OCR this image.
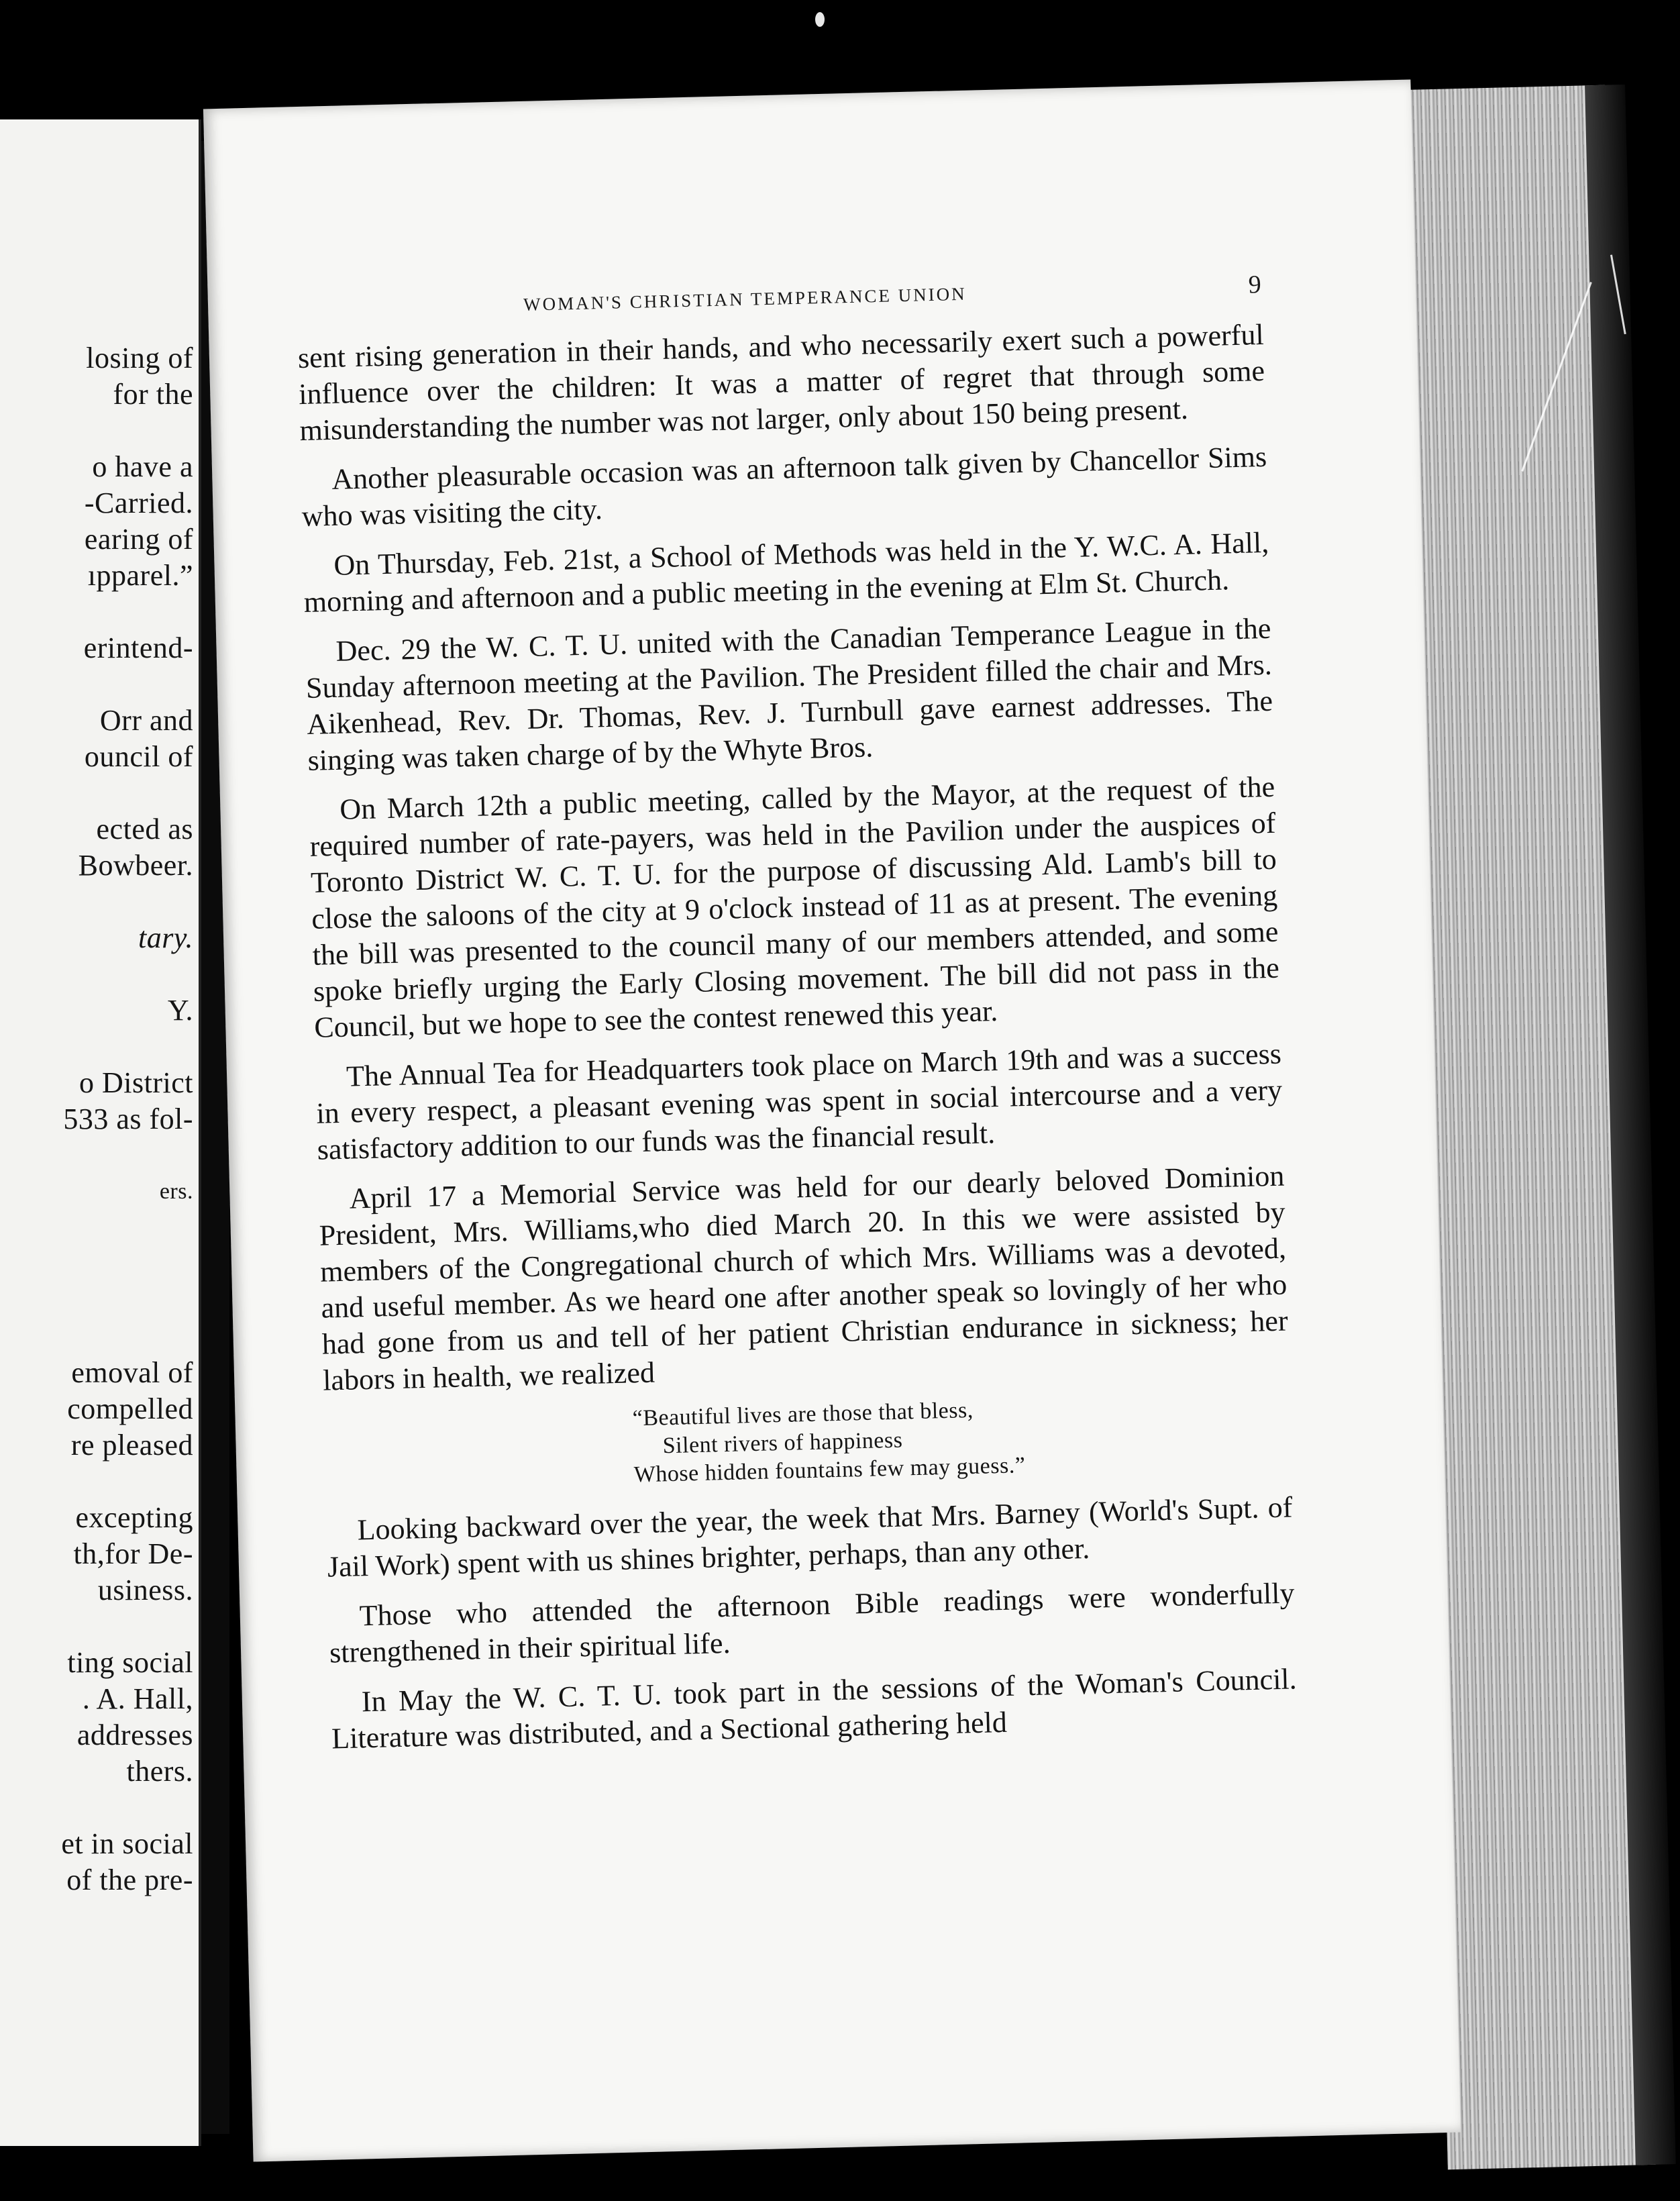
losing of
for the
o have a
-Carried.
earing of
ıpparel.”
erintend-
Orr and
ouncil of
ected as
Bowbeer.
tary.
Y.
o District
533 as fol-
ers.
emoval of
compelled
re pleased
excepting
th,for De-
usiness.
ting social
. A. Hall,
addresses
thers.
et in social
of the pre-
WOMAN'S CHRISTIAN TEMPERANCE UNION	9

sent rising generation in their hands, and who necessarily exert such a powerful influence over the children: It was a matter of regret that through some misunderstanding the number was not larger, only about 150 being present.

Another pleasurable occasion was an afternoon talk given by Chancellor Sims who was visiting the city.

On Thursday, Feb. 21st, a School of Methods was held in the Y. W.C. A. Hall, morning and afternoon and a public meeting in the evening at Elm St. Church.

Dec. 29 the W. C. T. U. united with the Canadian Temperance League in the Sunday afternoon meeting at the Pavilion. The President filled the chair and Mrs. Aikenhead, Rev. Dr. Thomas, Rev. J. Turnbull gave earnest addresses. The singing was taken charge of by the Whyte Bros.

On March 12th a public meeting, called by the Mayor, at the request of the required number of rate-payers, was held in the Pavilion under the auspices of Toronto District W. C. T. U. for the purpose of discussing Ald. Lamb's bill to close the saloons of the city at 9 o'clock instead of 11 as at present. The evening the bill was presented to the council many of our members attended, and some spoke briefly urging the Early Closing movement. The bill did not pass in the Council, but we hope to see the contest renewed this year.

The Annual Tea for Headquarters took place on March 19th and was a success in every respect, a pleasant evening was spent in social intercourse and a very satisfactory addition to our funds was the financial result.

April 17 a Memorial Service was held for our dearly beloved Dominion President, Mrs. Williams,who died March 20. In this we were assisted by members of the Congregational church of which Mrs. Williams was a devoted, and useful member. As we heard one after another speak so lovingly of her who had gone from us and tell of her patient Christian endurance in sickness; her labors in health, we realized

“Beautiful lives are those that bless,
Silent rivers of happiness
Whose hidden fountains few may guess.”

Looking backward over the year, the week that Mrs. Barney (World's Supt. of Jail Work) spent with us shines brighter, perhaps, than any other.

Those who attended the afternoon Bible readings were wonderfully strengthened in their spiritual life.

In May the W. C. T. U. took part in the sessions of the Woman's Council. Literature was distributed, and a Sectional gathering held
